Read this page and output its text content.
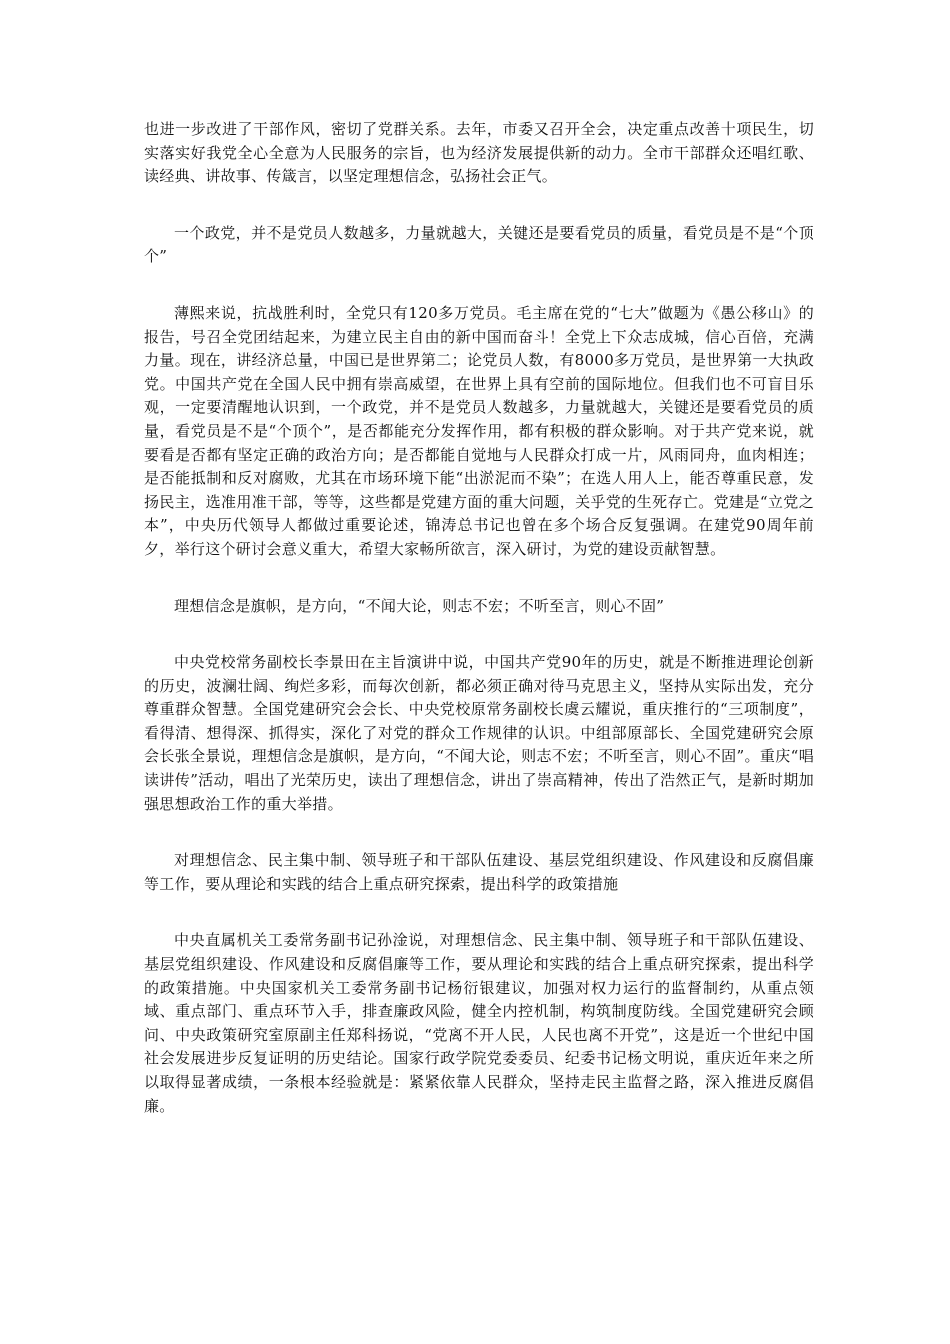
也进一步改进了干部作风，密切了党群关系。去年，市委又召开全会，决定重点改善十项民生，切实落实好我党全心全意为人民服务的宗旨，也为经济发展提供新的动力。全市干部群众还唱红歌、读经典、讲故事、传箴言，以坚定理想信念，弘扬社会正气。

一个政党，并不是党员人数越多，力量就越大，关键还是要看党员的质量，看党员是不是“个顶个”

薄熙来说，抗战胜利时，全党只有120多万党员。毛主席在党的“七大”做题为《愚公移山》的报告，号召全党团结起来，为建立民主自由的新中国而奋斗！全党上下众志成城，信心百倍，充满力量。现在，讲经济总量，中国已是世界第二；论党员人数，有8000多万党员，是世界第一大执政党。中国共产党在全国人民中拥有崇高威望，在世界上具有空前的国际地位。但我们也不可盲目乐观，一定要清醒地认识到，一个政党，并不是党员人数越多，力量就越大，关键还是要看党员的质量，看党员是不是“个顶个”，是否都能充分发挥作用，都有积极的群众影响。对于共产党来说，就要看是否都有坚定正确的政治方向；是否都能自觉地与人民群众打成一片，风雨同舟，血肉相连；是否能抵制和反对腐败，尤其在市场环境下能“出淤泥而不染”；在选人用人上，能否尊重民意，发扬民主，选准用准干部，等等，这些都是党建方面的重大问题，关乎党的生死存亡。党建是“立党之本”，中央历代领导人都做过重要论述，锦涛总书记也曾在多个场合反复强调。在建党90周年前夕，举行这个研讨会意义重大，希望大家畅所欲言，深入研讨，为党的建设贡献智慧。

理想信念是旗帜，是方向，“不闻大论，则志不宏；不听至言，则心不固”

中央党校常务副校长李景田在主旨演讲中说，中国共产党90年的历史，就是不断推进理论创新的历史，波澜壮阔、绚烂多彩，而每次创新，都必须正确对待马克思主义，坚持从实际出发，充分尊重群众智慧。全国党建研究会会长、中央党校原常务副校长虞云耀说，重庆推行的“三项制度”，看得清、想得深、抓得实，深化了对党的群众工作规律的认识。中组部原部长、全国党建研究会原会长张全景说，理想信念是旗帜，是方向，“不闻大论，则志不宏；不听至言，则心不固”。重庆“唱读讲传”活动，唱出了光荣历史，读出了理想信念，讲出了崇高精神，传出了浩然正气，是新时期加强思想政治工作的重大举措。

对理想信念、民主集中制、领导班子和干部队伍建设、基层党组织建设、作风建设和反腐倡廉等工作，要从理论和实践的结合上重点研究探索，提出科学的政策措施

中央直属机关工委常务副书记孙淦说，对理想信念、民主集中制、领导班子和干部队伍建设、基层党组织建设、作风建设和反腐倡廉等工作，要从理论和实践的结合上重点研究探索，提出科学的政策措施。中央国家机关工委常务副书记杨衍银建议，加强对权力运行的监督制约，从重点领域、重点部门、重点环节入手，排查廉政风险，健全内控机制，构筑制度防线。全国党建研究会顾问、中央政策研究室原副主任郑科扬说，“党离不开人民，人民也离不开党”，这是近一个世纪中国社会发展进步反复证明的历史结论。国家行政学院党委委员、纪委书记杨文明说，重庆近年来之所以取得显著成绩，一条根本经验就是：紧紧依靠人民群众，坚持走民主监督之路，深入推进反腐倡廉。
